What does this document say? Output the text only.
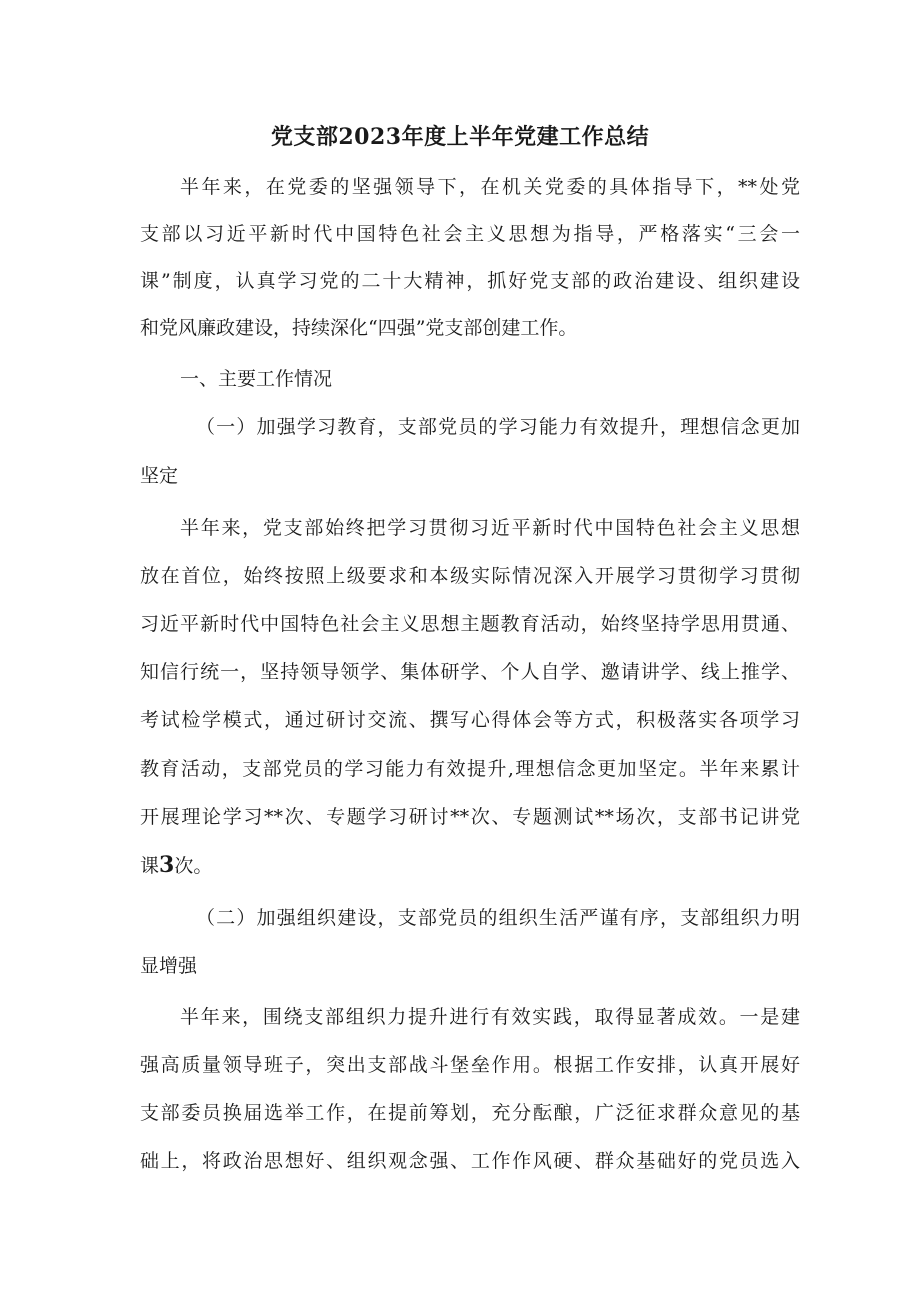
党支部2023年度上半年党建工作总结
半年来，在党委的坚强领导下，在机关党委的具体指导下，**处党
支部以习近平新时代中国特色社会主义思想为指导，严格落实“三会一
课”制度，认真学习党的二十大精神，抓好党支部的政治建设、组织建设
和党风廉政建设，持续深化“四强”党支部创建工作。
一、主要工作情况
（一）加强学习教育，支部党员的学习能力有效提升，理想信念更加
坚定
半年来，党支部始终把学习贯彻习近平新时代中国特色社会主义思想
放在首位，始终按照上级要求和本级实际情况深入开展学习贯彻学习贯彻
习近平新时代中国特色社会主义思想主题教育活动，始终坚持学思用贯通、
知信行统一，坚持领导领学、集体研学、个人自学、邀请讲学、线上推学、
考试检学模式，通过研讨交流、撰写心得体会等方式，积极落实各项学习
教育活动，支部党员的学习能力有效提升,理想信念更加坚定。半年来累计
开展理论学习**次、专题学习研讨**次、专题测试**场次，支部书记讲党
课3次。
（二）加强组织建设，支部党员的组织生活严谨有序，支部组织力明
显增强
半年来，围绕支部组织力提升进行有效实践，取得显著成效。一是建
强高质量领导班子，突出支部战斗堡垒作用。根据工作安排，认真开展好
支部委员换届选举工作，在提前筹划，充分酝酿，广泛征求群众意见的基
础上，将政治思想好、组织观念强、工作作风硬、群众基础好的党员选入
